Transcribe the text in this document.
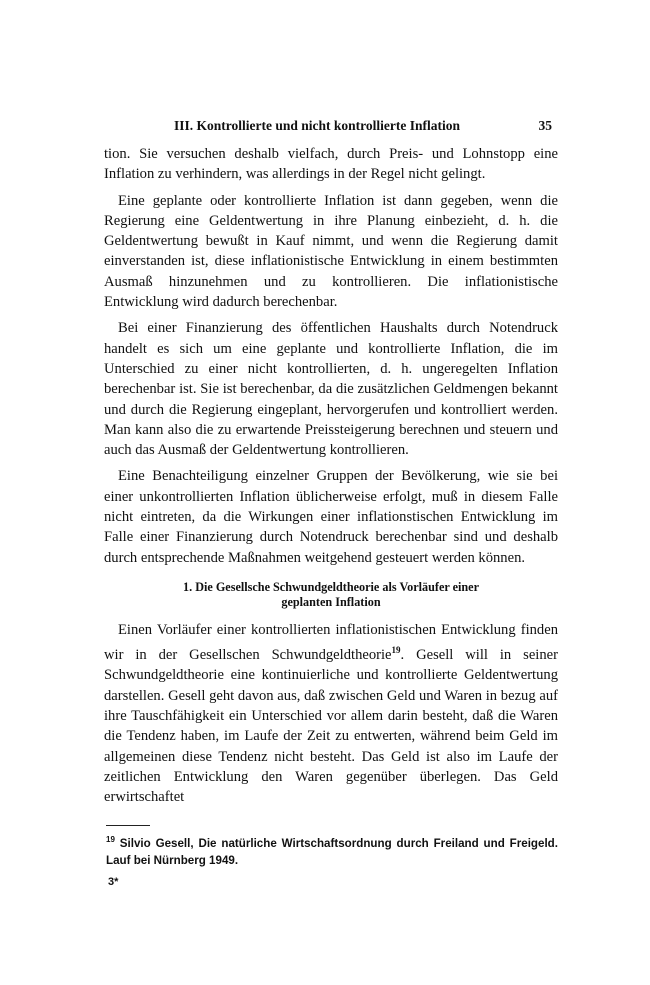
III. Kontrollierte und nicht kontrollierte Inflation	35

tion. Sie versuchen deshalb vielfach, durch Preis- und Lohnstopp eine Inflation zu verhindern, was allerdings in der Regel nicht gelingt.

Eine geplante oder kontrollierte Inflation ist dann gegeben, wenn die Regierung eine Geldentwertung in ihre Planung einbezieht, d. h. die Geldentwertung bewußt in Kauf nimmt, und wenn die Regierung damit einverstanden ist, diese inflationistische Entwicklung in einem bestimmten Ausmaß hinzunehmen und zu kontrollieren. Die inflationistische Entwicklung wird dadurch berechenbar.

Bei einer Finanzierung des öffentlichen Haushalts durch Notendruck handelt es sich um eine geplante und kontrollierte Inflation, die im Unterschied zu einer nicht kontrollierten, d. h. ungeregelten Inflation berechenbar ist. Sie ist berechenbar, da die zusätzlichen Geldmengen bekannt und durch die Regierung eingeplant, hervorgerufen und kontrolliert werden. Man kann also die zu erwartende Preissteigerung berechnen und steuern und auch das Ausmaß der Geldentwertung kontrollieren.

Eine Benachteiligung einzelner Gruppen der Bevölkerung, wie sie bei einer unkontrollierten Inflation üblicherweise erfolgt, muß in diesem Falle nicht eintreten, da die Wirkungen einer inflationstischen Entwicklung im Falle einer Finanzierung durch Notendruck berechenbar sind und deshalb durch entsprechende Maßnahmen weitgehend gesteuert werden können.

1. Die Gesellsche Schwundgeldtheorie als Vorläufer einer
geplanten Inflation

Einen Vorläufer einer kontrollierten inflationistischen Entwicklung finden wir in der Gesellschen Schwundgeldtheorie$^{19}$. Gesell will in seiner Schwundgeldtheorie eine kontinuierliche und kontrollierte Geldentwertung darstellen. Gesell geht davon aus, daß zwischen Geld und Waren in bezug auf ihre Tauschfähigkeit ein Unterschied vor allem darin besteht, daß die Waren die Tendenz haben, im Laufe der Zeit zu entwerten, während beim Geld im allgemeinen diese Tendenz nicht besteht. Das Geld ist also im Laufe der zeitlichen Entwicklung den Waren gegenüber überlegen. Das Geld erwirtschaftet

$^{19}$ Silvio Gesell, Die natürliche Wirtschaftsordnung durch Freiland und Freigeld. Lauf bei Nürnberg 1949.
3*
